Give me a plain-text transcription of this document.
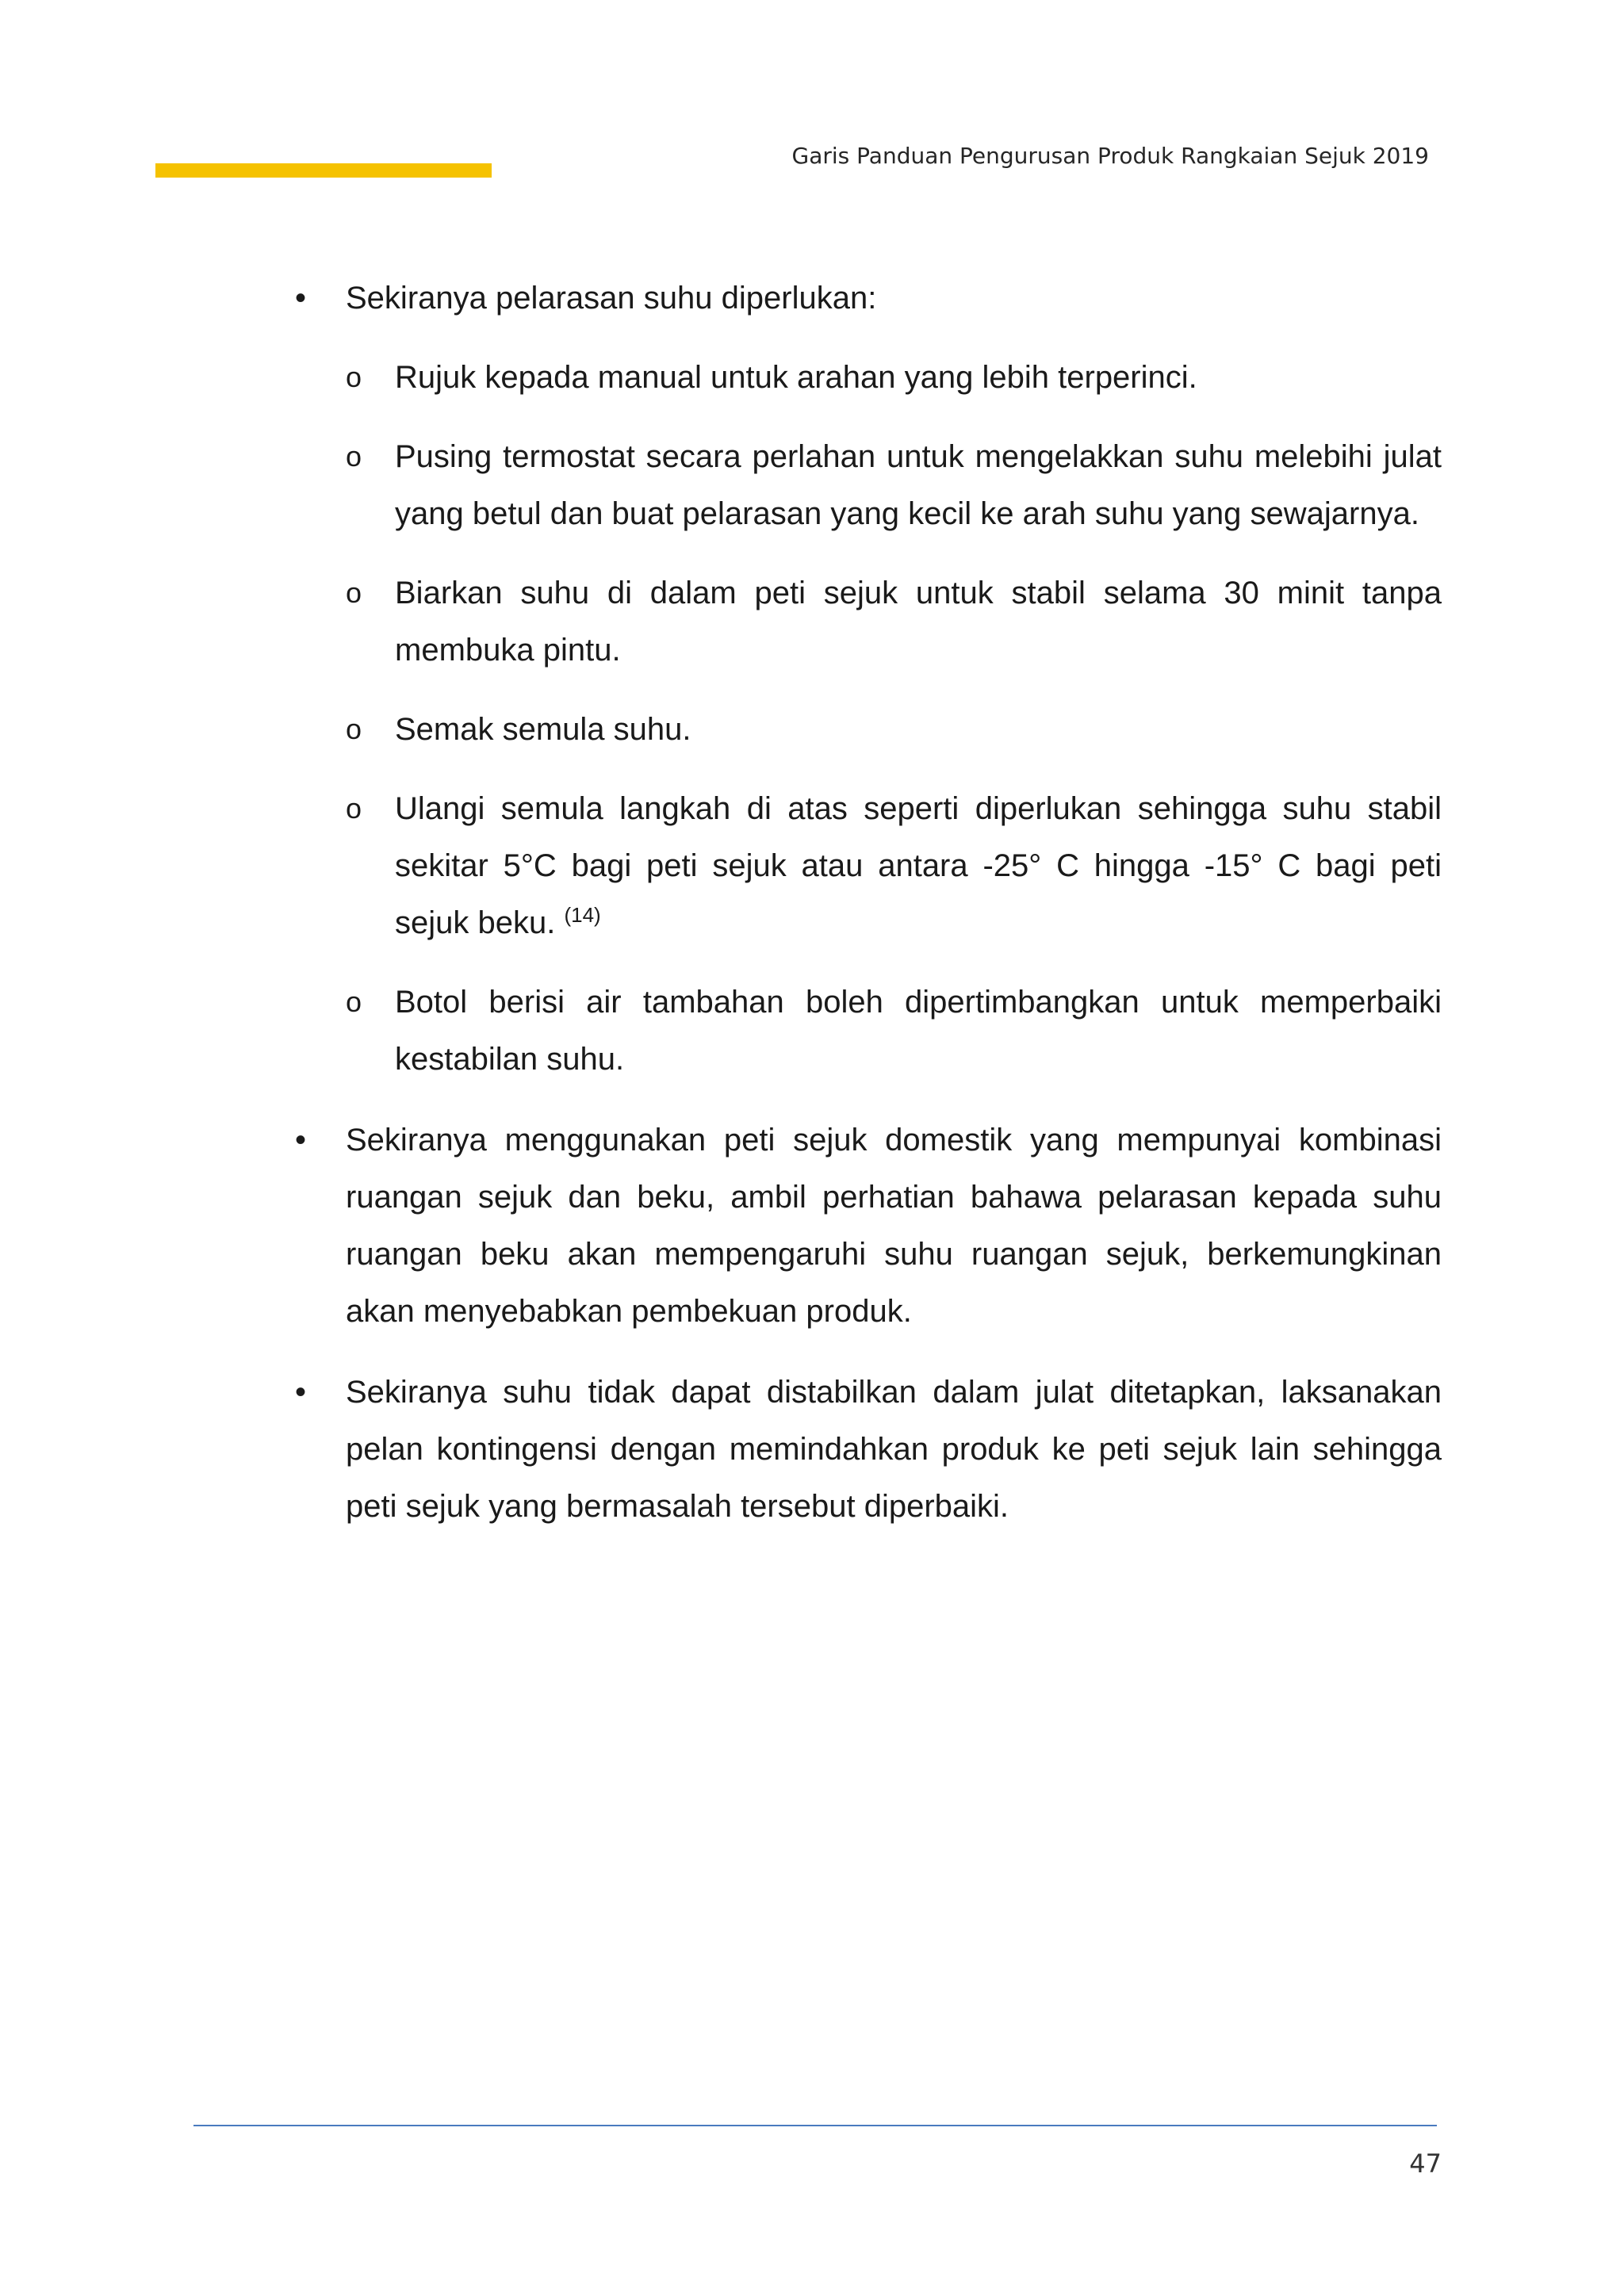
Garis Panduan Pengurusan Produk Rangkaian Sejuk 2019
• Sekiranya pelarasan suhu diperlukan:

o Rujuk kepada manual untuk arahan yang lebih terperinci.

o Pusing termostat secara perlahan untuk mengelakkan suhu melebihi julat yang betul dan buat pelarasan yang kecil ke arah suhu yang sewajarnya.

o Biarkan suhu di dalam peti sejuk untuk stabil selama 30 minit tanpa membuka pintu.

o Semak semula suhu.

o Ulangi semula langkah di atas seperti diperlukan sehingga suhu stabil sekitar 5°C bagi peti sejuk atau antara -25° C hingga -15° C bagi peti sejuk beku. $^{(14)}$

o Botol berisi air tambahan boleh dipertimbangkan untuk memperbaiki kestabilan suhu.

• Sekiranya menggunakan peti sejuk domestik yang mempunyai kombinasi ruangan sejuk dan beku, ambil perhatian bahawa pelarasan kepada suhu ruangan beku akan mempengaruhi suhu ruangan sejuk, berkemungkinan akan menyebabkan pembekuan produk.

• Sekiranya suhu tidak dapat distabilkan dalam julat ditetapkan, laksanakan pelan kontingensi dengan memindahkan produk ke peti sejuk lain sehingga peti sejuk yang bermasalah tersebut diperbaiki.

47
